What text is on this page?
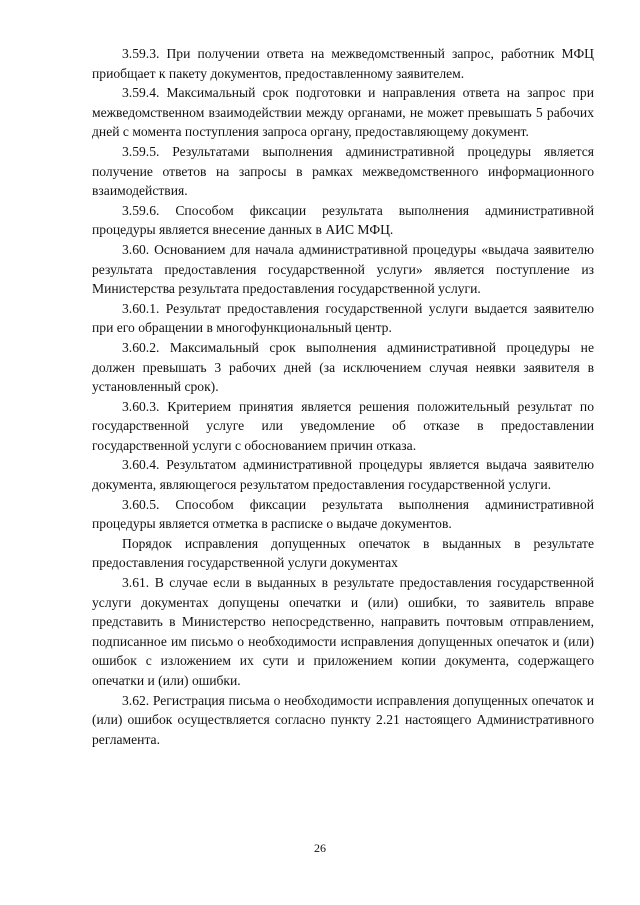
3.59.3. При получении ответа на межведомственный запрос, работник МФЦ приобщает к пакету документов, предоставленному заявителем.

3.59.4. Максимальный срок подготовки и направления ответа на запрос при межведомственном взаимодействии между органами, не может превышать 5 рабочих дней с момента поступления запроса органу, предоставляющему документ.

3.59.5. Результатами выполнения административной процедуры является получение ответов на запросы в рамках межведомственного информационного взаимодействия.

3.59.6. Способом фиксации результата выполнения административной процедуры является внесение данных в АИС МФЦ.

3.60. Основанием для начала административной процедуры «выдача заявителю результата предоставления государственной услуги» является поступление из Министерства результата предоставления государственной услуги.

3.60.1. Результат предоставления государственной услуги выдается заявителю при его обращении в многофункциональный центр.

3.60.2. Максимальный срок выполнения административной процедуры не должен превышать 3 рабочих дней (за исключением случая неявки заявителя в установленный срок).

3.60.3. Критерием принятия является решения положительный результат по государственной услуге или уведомление об отказе в предоставлении государственной услуги с обоснованием причин отказа.

3.60.4. Результатом административной процедуры является выдача заявителю документа, являющегося результатом предоставления государственной услуги.

3.60.5. Способом фиксации результата выполнения административной процедуры является отметка в расписке о выдаче документов.

Порядок исправления допущенных опечаток в выданных в результате предоставления государственной услуги документах

3.61. В случае если в выданных в результате предоставления государственной услуги документах допущены опечатки и (или) ошибки, то заявитель вправе представить в Министерство непосредственно, направить почтовым отправлением, подписанное им письмо о необходимости исправления допущенных опечаток и (или) ошибок с изложением их сути и приложением копии документа, содержащего опечатки и (или) ошибки.

3.62. Регистрация письма о необходимости исправления допущенных опечаток и (или) ошибок осуществляется согласно пункту 2.21 настоящего Административного регламента.

26
